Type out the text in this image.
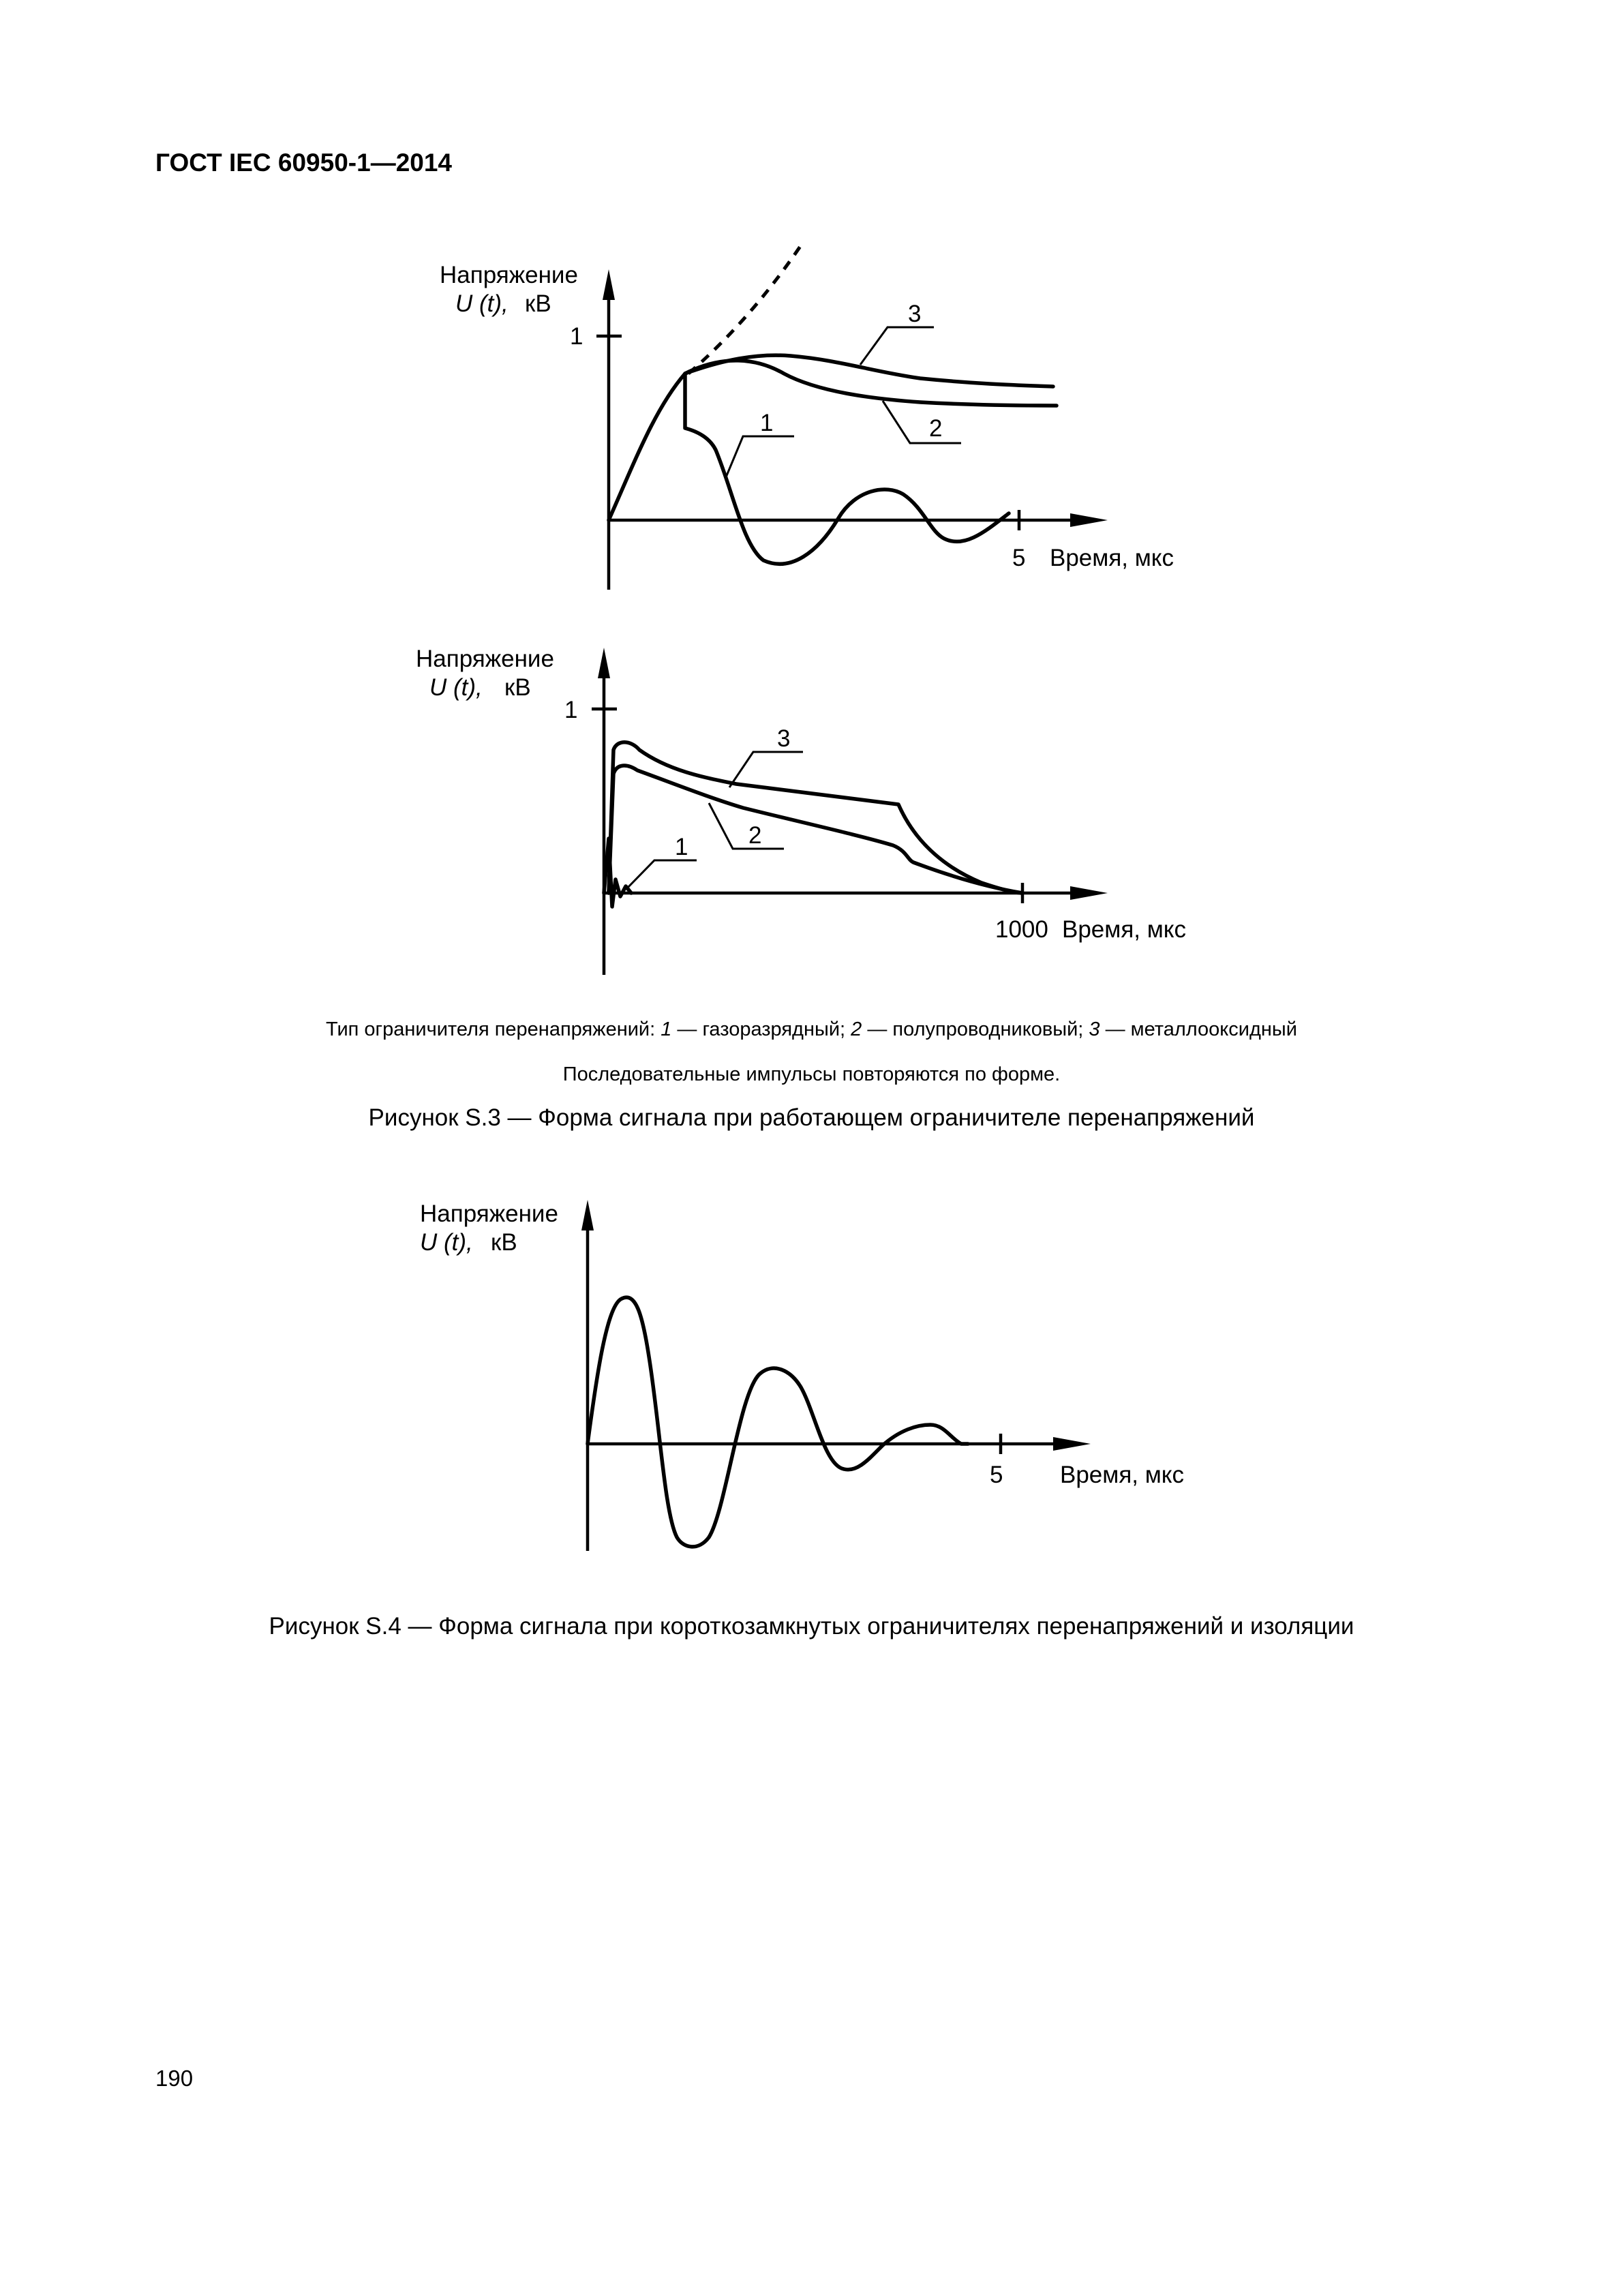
ГОСТ IEC 60950-1—2014
Напряжение
U (t), кВ
1
5 Время, мкс
3
2
1
Напряжение
U (t), кВ
1
1000 Время, мкс
3
2
1
Тип ограничителя перенапряжений: 1 — газоразрядный; 2 — полупроводниковый; 3 — металлооксидный
Последовательные импульсы повторяются по форме.
Рисунок S.3 — Форма сигнала при работающем ограничителе перенапряжений
Напряжение
U (t), кВ
5 Время, мкс
Рисунок S.4 — Форма сигнала при короткозамкнутых ограничителях перенапряжений и изоляции
190
